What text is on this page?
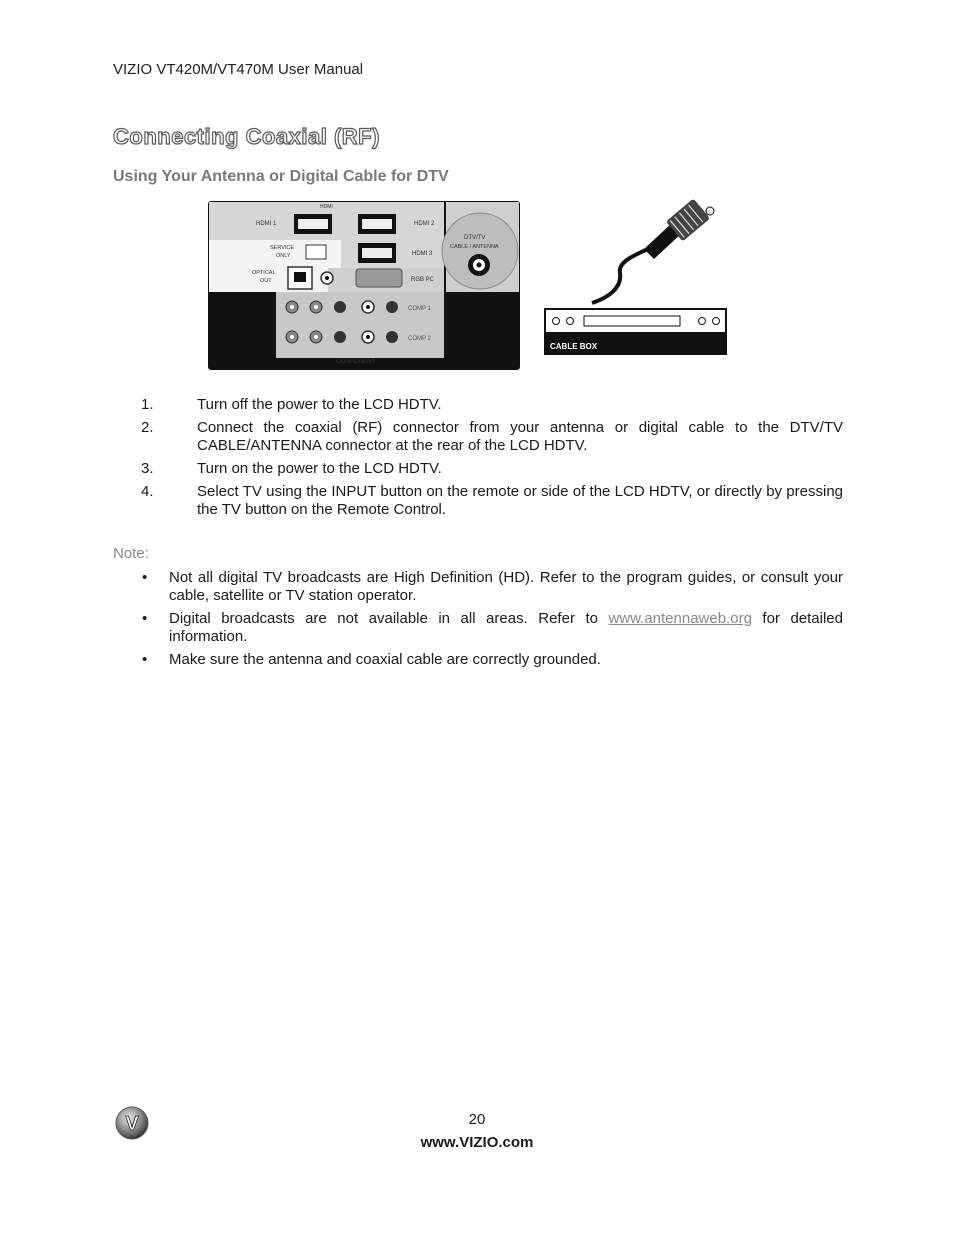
VIZIO VT420M/VT470M User Manual
Connecting Coaxial (RF)
Using Your Antenna or Digital Cable for DTV
HDMI
HDMI 1	HDMI 2
SERVICE
ONLY	HDMI 3
OPTICAL
OUT	RGB PC
DTV/TV
CABLE / ANTENNA
COMP 1
COMP 2
COMPONENT
CABLE BOX
1.	Turn off the power to the LCD HDTV.
2.	Connect the coaxial (RF) connector from your antenna or digital cable to the DTV/TV CABLE/ANTENNA connector at the rear of the LCD HDTV.
3.	Turn on the power to the LCD HDTV.
4.	Select TV using the INPUT button on the remote or side of the LCD HDTV, or directly by pressing the TV button on the Remote Control.
Note:
• Not all digital TV broadcasts are High Definition (HD). Refer to the program guides, or consult your cable, satellite or TV station operator.
• Digital broadcasts are not available in all areas. Refer to www.antennaweb.org for detailed information.
• Make sure the antenna and coaxial cable are correctly grounded.
V	20
www.VIZIO.com
